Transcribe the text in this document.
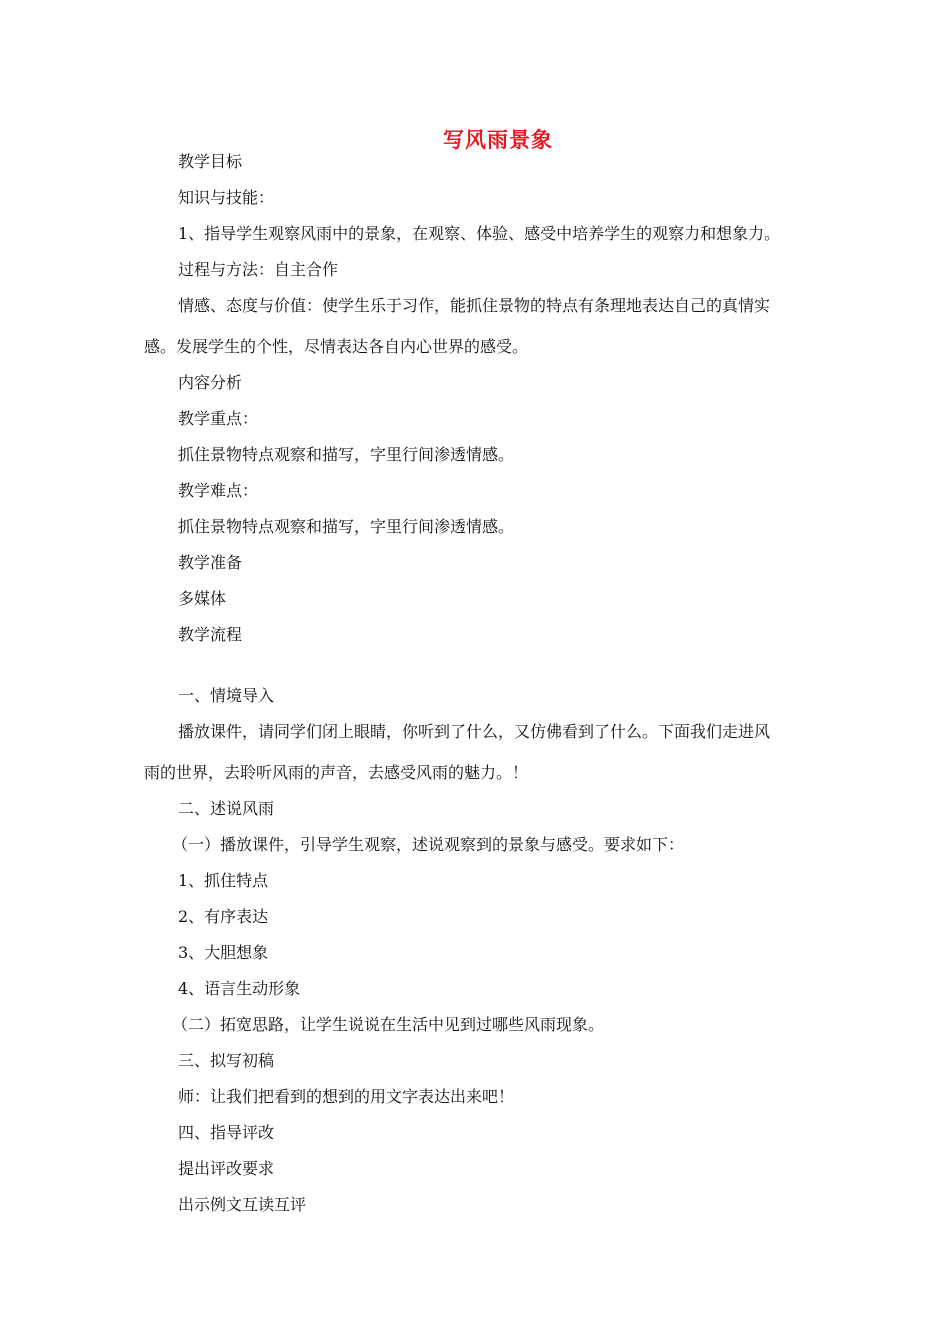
写风雨景象
教学目标
知识与技能：
1、指导学生观察风雨中的景象，在观察、体验、感受中培养学生的观察力和想象力。
过程与方法：自主合作
情感、态度与价值：使学生乐于习作，能抓住景物的特点有条理地表达自己的真情实
感。发展学生的个性，尽情表达各自内心世界的感受。
内容分析
教学重点：
抓住景物特点观察和描写，字里行间渗透情感。
教学难点：
抓住景物特点观察和描写，字里行间渗透情感。
教学准备
多媒体
教学流程
一、情境导入
播放课件，请同学们闭上眼睛，你听到了什么，又仿佛看到了什么。下面我们走进风
雨的世界，去聆听风雨的声音，去感受风雨的魅力。！
二、述说风雨
（一）播放课件，引导学生观察，述说观察到的景象与感受。要求如下：
1、抓住特点
2、有序表达
3、大胆想象
4、语言生动形象
（二）拓宽思路，让学生说说在生活中见到过哪些风雨现象。
三、拟写初稿
师：让我们把看到的想到的用文字表达出来吧！
四、指导评改
提出评改要求
出示例文互读互评
